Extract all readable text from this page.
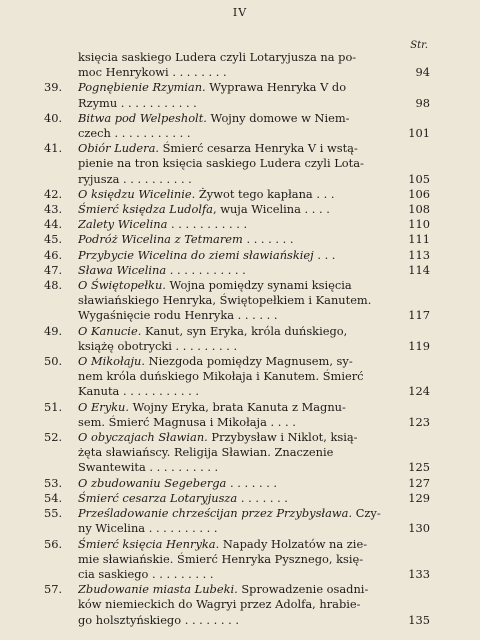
IV
Str.
księcia saskiego Ludera czyli Lotaryjusza na po-
moc Henrykowi . . . . . . . .	94
39.	Pognębienie Rzymian. Wyprawa Henryka V do
Rzymu . . . . . . . . . . .	98
40.	Bitwa pod Welpesholt. Wojny domowe w Niem-
czech . . . . . . . . . . .	101
41.	Obiór Ludera. Śmierć cesarza Henryka V i wstą-
pienie na tron księcia saskiego Ludera czyli Lota-
ryjusza . . . . . . . . . .	105
42.	O księdzu Wicelinie. Żywot tego kapłana . . .	106
43.	Śmierć księdza Ludolfa, wuja Wicelina . . . .	108
44.	Zalety Wicelina . . . . . . . . . . .	110
45.	Podróż Wicelina z Tetmarem . . . . . . .	111
46.	Przybycie Wicelina do ziemi sławiańskiej . . .	113
47.	Sława Wicelina . . . . . . . . . . .	114
48.	O Świętopełku. Wojna pomiędzy synami księcia
sławiańskiego Henryka, Świętopełkiem i Kanutem.
Wygaśnięcie rodu Henryka . . . . . .	117
49.	O Kanucie. Kanut, syn Eryka, króla duńskiego,
książę obotrycki . . . . . . . . .	119
50.	O Mikołaju. Niezgoda pomiędzy Magnusem, sy-
nem króla duńskiego Mikołaja i Kanutem. Śmierć
Kanuta . . . . . . . . . . .	124
51.	O Eryku. Wojny Eryka, brata Kanuta z Magnu-
sem. Śmierć Magnusa i Mikołaja . . . .	123
52.	O obyczajach Sławian. Przybysław i Niklot, ksią-
żęta sławiańscy. Religija Sławian. Znaczenie
Swantewita . . . . . . . . . .	125
53.	O zbudowaniu Segeberga . . . . . . .	127
54.	Śmierć cesarza Lotaryjusza . . . . . . .	129
55.	Prześladowanie chrześcijan przez Przybysława. Czy-
ny Wicelina . . . . . . . . . .	130
56.	Śmierć księcia Henryka. Napady Holzatów na zie-
mie sławiańskie. Śmierć Henryka Pysznego, księ-
cia saskiego . . . . . . . . .	133
57.	Zbudowanie miasta Lubeki. Sprowadzenie osadni-
ków niemieckich do Wagryi przez Adolfa, hrabie-
go holsztyńskiego . . . . . . . .	135
